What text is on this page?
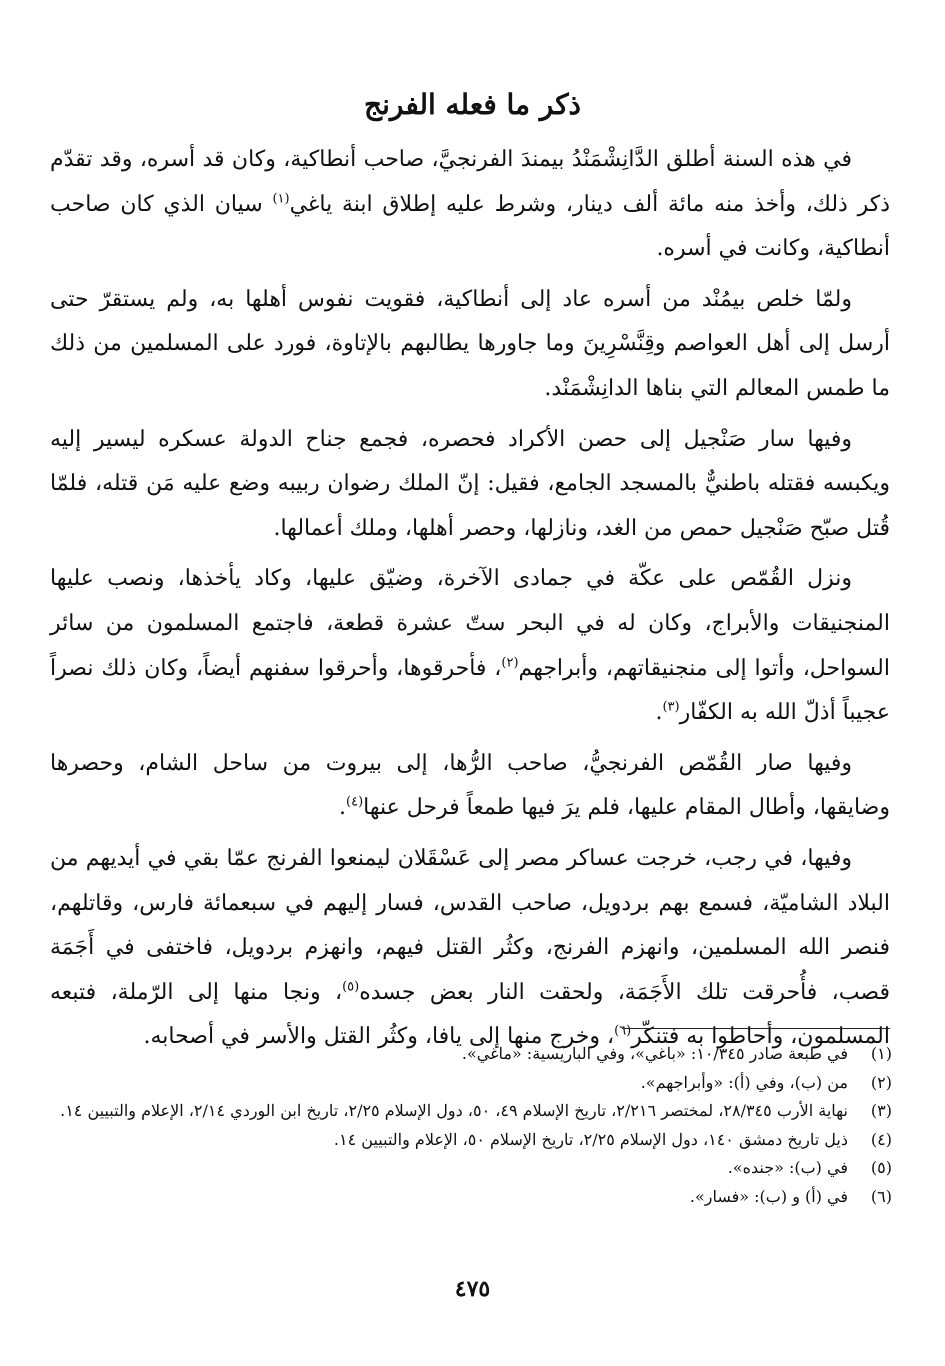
ذكر ما فعله الفرنج

في هذه السنة أطلق الدَّانِشْمَنْدُ بيمندَ الفرنجيَّ، صاحب أنطاكية، وكان قد أسره، وقد تقدّم ذكر ذلك، وأخذ منه مائة ألف دينار، وشرط عليه إطلاق ابنة ياغي$^{(١)}$ سيان الذي كان صاحب أنطاكية، وكانت في أسره.

ولمّا خلص بيمُنْد من أسره عاد إلى أنطاكية، فقويت نفوس أهلها به، ولم يستقرّ حتى أرسل إلى أهل العواصم وقِنَّسْرِينَ وما جاورها يطالبهم بالإتاوة، فورد على المسلمين من ذلك ما طمس المعالم التي بناها الدانِشْمَنْد.

وفيها سار صَنْجيل إلى حصن الأكراد فحصره، فجمع جناح الدولة عسكره ليسير إليه ويكبسه فقتله باطنيٌّ بالمسجد الجامع، فقيل: إنّ الملك رضوان ربيبه وضع عليه مَن قتله، فلمّا قُتل صبّح صَنْجيل حمص من الغد، ونازلها، وحصر أهلها، وملك أعمالها.

ونزل القُمّص على عكّة في جمادى الآخرة، وضيّق عليها، وكاد يأخذها، ونصب عليها المنجنيقات والأبراج، وكان له في البحر ستّ عشرة قطعة، فاجتمع المسلمون من سائر السواحل، وأتوا إلى منجنيقاتهم، وأبراجهم$^{(٢)}$، فأحرقوها، وأحرقوا سفنهم أيضاً، وكان ذلك نصراً عجيباً أذلّ الله به الكفّار$^{(٣)}$.

وفيها صار القُمّص الفرنجيُّ، صاحب الرُّها، إلى بيروت من ساحل الشام، وحصرها وضايقها، وأطال المقام عليها، فلم يرَ فيها طمعاً فرحل عنها$^{(٤)}$.

وفيها، في رجب، خرجت عساكر مصر إلى عَسْقَلان ليمنعوا الفرنج عمّا بقي في أيديهم من البلاد الشاميّة، فسمع بهم بردويل، صاحب القدس، فسار إليهم في سبعمائة فارس، وقاتلهم، فنصر الله المسلمين، وانهزم الفرنج، وكثُر القتل فيهم، وانهزم بردويل، فاختفى في أَجَمَة قصب، فأُحرقت تلك الأَجَمَة، ولحقت النار بعض جسده$^{(٥)}$، ونجا منها إلى الرّملة، فتبعه المسلمون، وأحاطوا به فتنكّر$^{(٦)}$، وخرج منها إلى يافا، وكثُر القتل والأسر في أصحابه.

(١)
في طبعة صادر ١٠/٣٤٥: «باغي»، وفي الباريسية: «ماغي».
(٢)
من (ب)، وفي (أ): «وأبراجهم».
(٣)
نهاية الأرب ٢٨/٣٤٥، لمختصر ٢/٢١٦، تاريخ الإسلام ٤٩، ٥٠، دول الإسلام ٢/٢٥، تاريخ ابن الوردي ٢/١٤، الإعلام والتبيين ١٤.
(٤)
ذيل تاريخ دمشق ١٤٠، دول الإسلام ٢/٢٥، تاريخ الإسلام ٥٠، الإعلام والتبيين ١٤.
(٥)
في (ب): «جنده».
(٦)
في (أ) و (ب): «فسار».
٤٧٥
